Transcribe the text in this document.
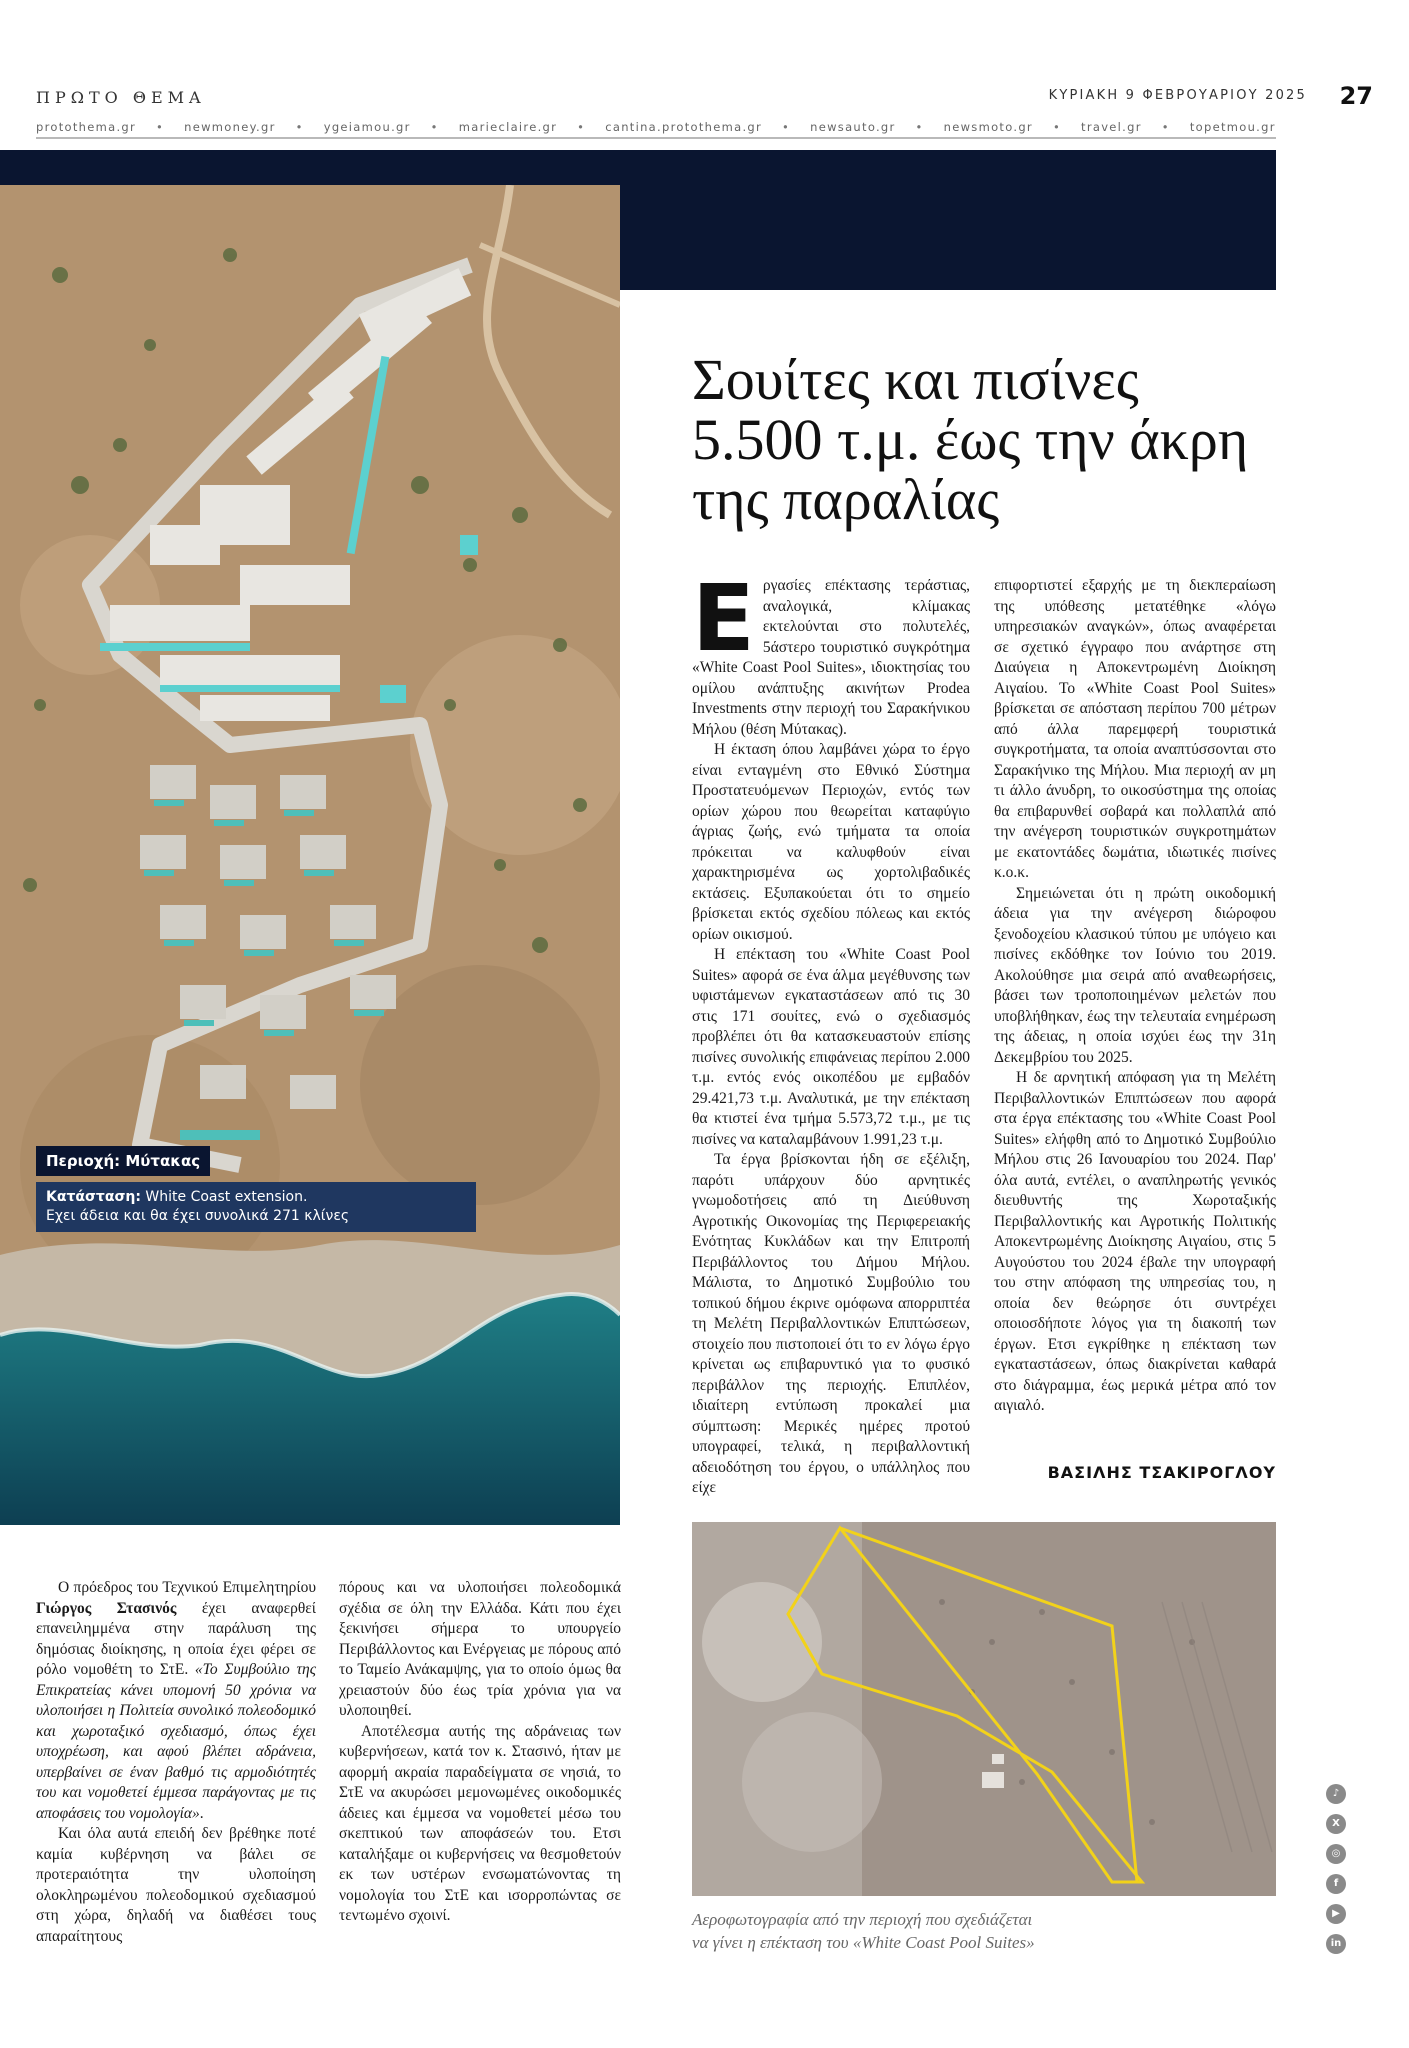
ΠΡΩΤΟ ΘΕΜΑ	ΚΥΡΙΑΚΗ 9 ΦΕΒΡΟΥΑΡΙΟΥ 2025 27
protothema.gr • newmoney.gr • ygeiamou.gr • marieclaire.gr • cantina.protothema.gr • newsauto.gr • newsmoto.gr • travel.gr • topetmou.gr
Περιοχή: Μύτακας
Κατάσταση: White Coast extension.
Εχει άδεια και θα έχει συνολικά 271 κλίνες
Σουίτες και πισίνες 5.500 τ.μ. έως την άκρη της παραλίας

Εργασίες επέκτασης τεράστιας, αναλογικά, κλίμακας εκτελούνται στο πολυτελές, 5άστερο τουριστικό συγκρότημα «White Coast Pool Suites», ιδιοκτησίας του ομίλου ανάπτυξης ακινήτων Prodea Investments στην περιοχή του Σαρακήνικου Μήλου (θέση Μύτακας).

Η έκταση όπου λαμβάνει χώρα το έργο είναι ενταγμένη στο Εθνικό Σύστημα Προστατευόμενων Περιοχών, εντός των ορίων χώρου που θεωρείται καταφύγιο άγριας ζωής, ενώ τμήματα τα οποία πρόκειται να καλυφθούν είναι χαρακτηρισμένα ως χορτολιβαδικές εκτάσεις. Εξυπακούεται ότι το σημείο βρίσκεται εκτός σχεδίου πόλεως και εκτός ορίων οικισμού.

Η επέκταση του «White Coast Pool Suites» αφορά σε ένα άλμα μεγέθυνσης των υφιστάμενων εγκαταστάσεων από τις 30 στις 171 σουίτες, ενώ ο σχεδιασμός προβλέπει ότι θα κατασκευαστούν επίσης πισίνες συνολικής επιφάνειας περίπου 2.000 τ.μ. εντός ενός οικοπέδου με εμβαδόν 29.421,73 τ.μ. Αναλυτικά, με την επέκταση θα κτιστεί ένα τμήμα 5.573,72 τ.μ., με τις πισίνες να καταλαμβάνουν 1.991,23 τ.μ.

Τα έργα βρίσκονται ήδη σε εξέλιξη, παρότι υπάρχουν δύο αρνητικές γνωμοδοτήσεις από τη Διεύθυνση Αγροτικής Οικονομίας της Περιφερειακής Ενότητας Κυκλάδων και την Επιτροπή Περιβάλλοντος του Δήμου Μήλου. Μάλιστα, το Δημοτικό Συμβούλιο του τοπικού δήμου έκρινε ομόφωνα απορριπτέα τη Μελέτη Περιβαλλοντικών Επιπτώσεων, στοιχείο που πιστοποιεί ότι το εν λόγω έργο κρίνεται ως επιβαρυντικό για το φυσικό περιβάλλον της περιοχής. Επιπλέον, ιδιαίτερη εντύπωση προκαλεί μια σύμπτωση: Μερικές ημέρες προτού υπογραφεί, τελικά, η περιβαλλοντική αδειοδότηση του έργου, ο υπάλληλος που είχε

επιφορτιστεί εξαρχής με τη διεκπεραίωση της υπόθεσης μετατέθηκε «λόγω υπηρεσιακών αναγκών», όπως αναφέρεται σε σχετικό έγγραφο που ανάρτησε στη Διαύγεια η Αποκεντρωμένη Διοίκηση Αιγαίου. Το «White Coast Pool Suites» βρίσκεται σε απόσταση περίπου 700 μέτρων από άλλα παρεμφερή τουριστικά συγκροτήματα, τα οποία αναπτύσσονται στο Σαρακήνικο της Μήλου. Μια περιοχή αν μη τι άλλο άνυδρη, το οικοσύστημα της οποίας θα επιβαρυνθεί σοβαρά και πολλαπλά από την ανέγερση τουριστικών συγκροτημάτων με εκατοντάδες δωμάτια, ιδιωτικές πισίνες κ.ο.κ.

Σημειώνεται ότι η πρώτη οικοδομική άδεια για την ανέγερση διώροφου ξενοδοχείου κλασικού τύπου με υπόγειο και πισίνες εκδόθηκε τον Ιούνιο του 2019. Ακολούθησε μια σειρά από αναθεωρήσεις, βάσει των τροποποιημένων μελετών που υποβλήθηκαν, έως την τελευταία ενημέρωση της άδειας, η οποία ισχύει έως την 31η Δεκεμβρίου του 2025.

Η δε αρνητική απόφαση για τη Μελέτη Περιβαλλοντικών Επιπτώσεων που αφορά στα έργα επέκτασης του «White Coast Pool Suites» ελήφθη από το Δημοτικό Συμβούλιο Μήλου στις 26 Ιανουαρίου του 2024. Παρ' όλα αυτά, εντέλει, ο αναπληρωτής γενικός διευθυντής της Χωροταξικής Περιβαλλοντικής και Αγροτικής Πολιτικής Αποκεντρωμένης Διοίκησης Αιγαίου, στις 5 Αυγούστου του 2024 έβαλε την υπογραφή του στην απόφαση της υπηρεσίας του, η οποία δεν θεώρησε ότι συντρέχει οποιοσδήποτε λόγος για τη διακοπή των έργων. Ετσι εγκρίθηκε η επέκταση των εγκαταστάσεων, όπως διακρίνεται καθαρά στο διάγραμμα, έως μερικά μέτρα από τον αιγιαλό.

ΒΑΣΙΛΗΣ ΤΣΑΚΙΡΟΓΛΟΥ

Ο πρόεδρος του Τεχνικού Επιμελητηρίου Γιώργος Στασινός έχει αναφερθεί επανειλημμένα στην παράλυση της δημόσιας διοίκησης, η οποία έχει φέρει σε ρόλο νομοθέτη το ΣτΕ. «Το Συμβούλιο της Επικρατείας κάνει υπομονή 50 χρόνια να υλοποιήσει η Πολιτεία συνολικό πολεοδομικό και χωροταξικό σχεδιασμό, όπως έχει υποχρέωση, και αφού βλέπει αδράνεια, υπερβαίνει σε έναν βαθμό τις αρμοδιότητές του και νομοθετεί έμμεσα παράγοντας με τις αποφάσεις του νομολογία».

Και όλα αυτά επειδή δεν βρέθηκε ποτέ καμία κυβέρνηση να βάλει σε προτεραιότητα την υλοποίηση ολοκληρωμένου πολεοδομικού σχεδιασμού στη χώρα, δηλαδή να διαθέσει τους απαραίτητους

πόρους και να υλοποιήσει πολεοδομικά σχέδια σε όλη την Ελλάδα. Κάτι που έχει ξεκινήσει σήμερα το υπουργείο Περιβάλλοντος και Ενέργειας με πόρους από το Ταμείο Ανάκαμψης, για το οποίο όμως θα χρειαστούν δύο έως τρία χρόνια για να υλοποιηθεί.

Αποτέλεσμα αυτής της αδράνειας των κυβερνήσεων, κατά τον κ. Στασινό, ήταν με αφορμή ακραία παραδείγματα σε νησιά, το ΣτΕ να ακυρώσει μεμονωμένες οικοδομικές άδειες και έμμεσα να νομοθετεί μέσω του σκεπτικού των αποφάσεών του. Ετσι καταλήξαμε οι κυβερνήσεις να θεσμοθετούν εκ των υστέρων ενσωματώνοντας τη νομολογία του ΣτΕ και ισορροπώντας σε τεντωμένο σχοινί.	Αεροφωτογραφία από την περιοχή που σχεδιάζεται
να γίνει η επέκταση του «White Coast Pool Suites»
♪
X
◎
f
▶
in
